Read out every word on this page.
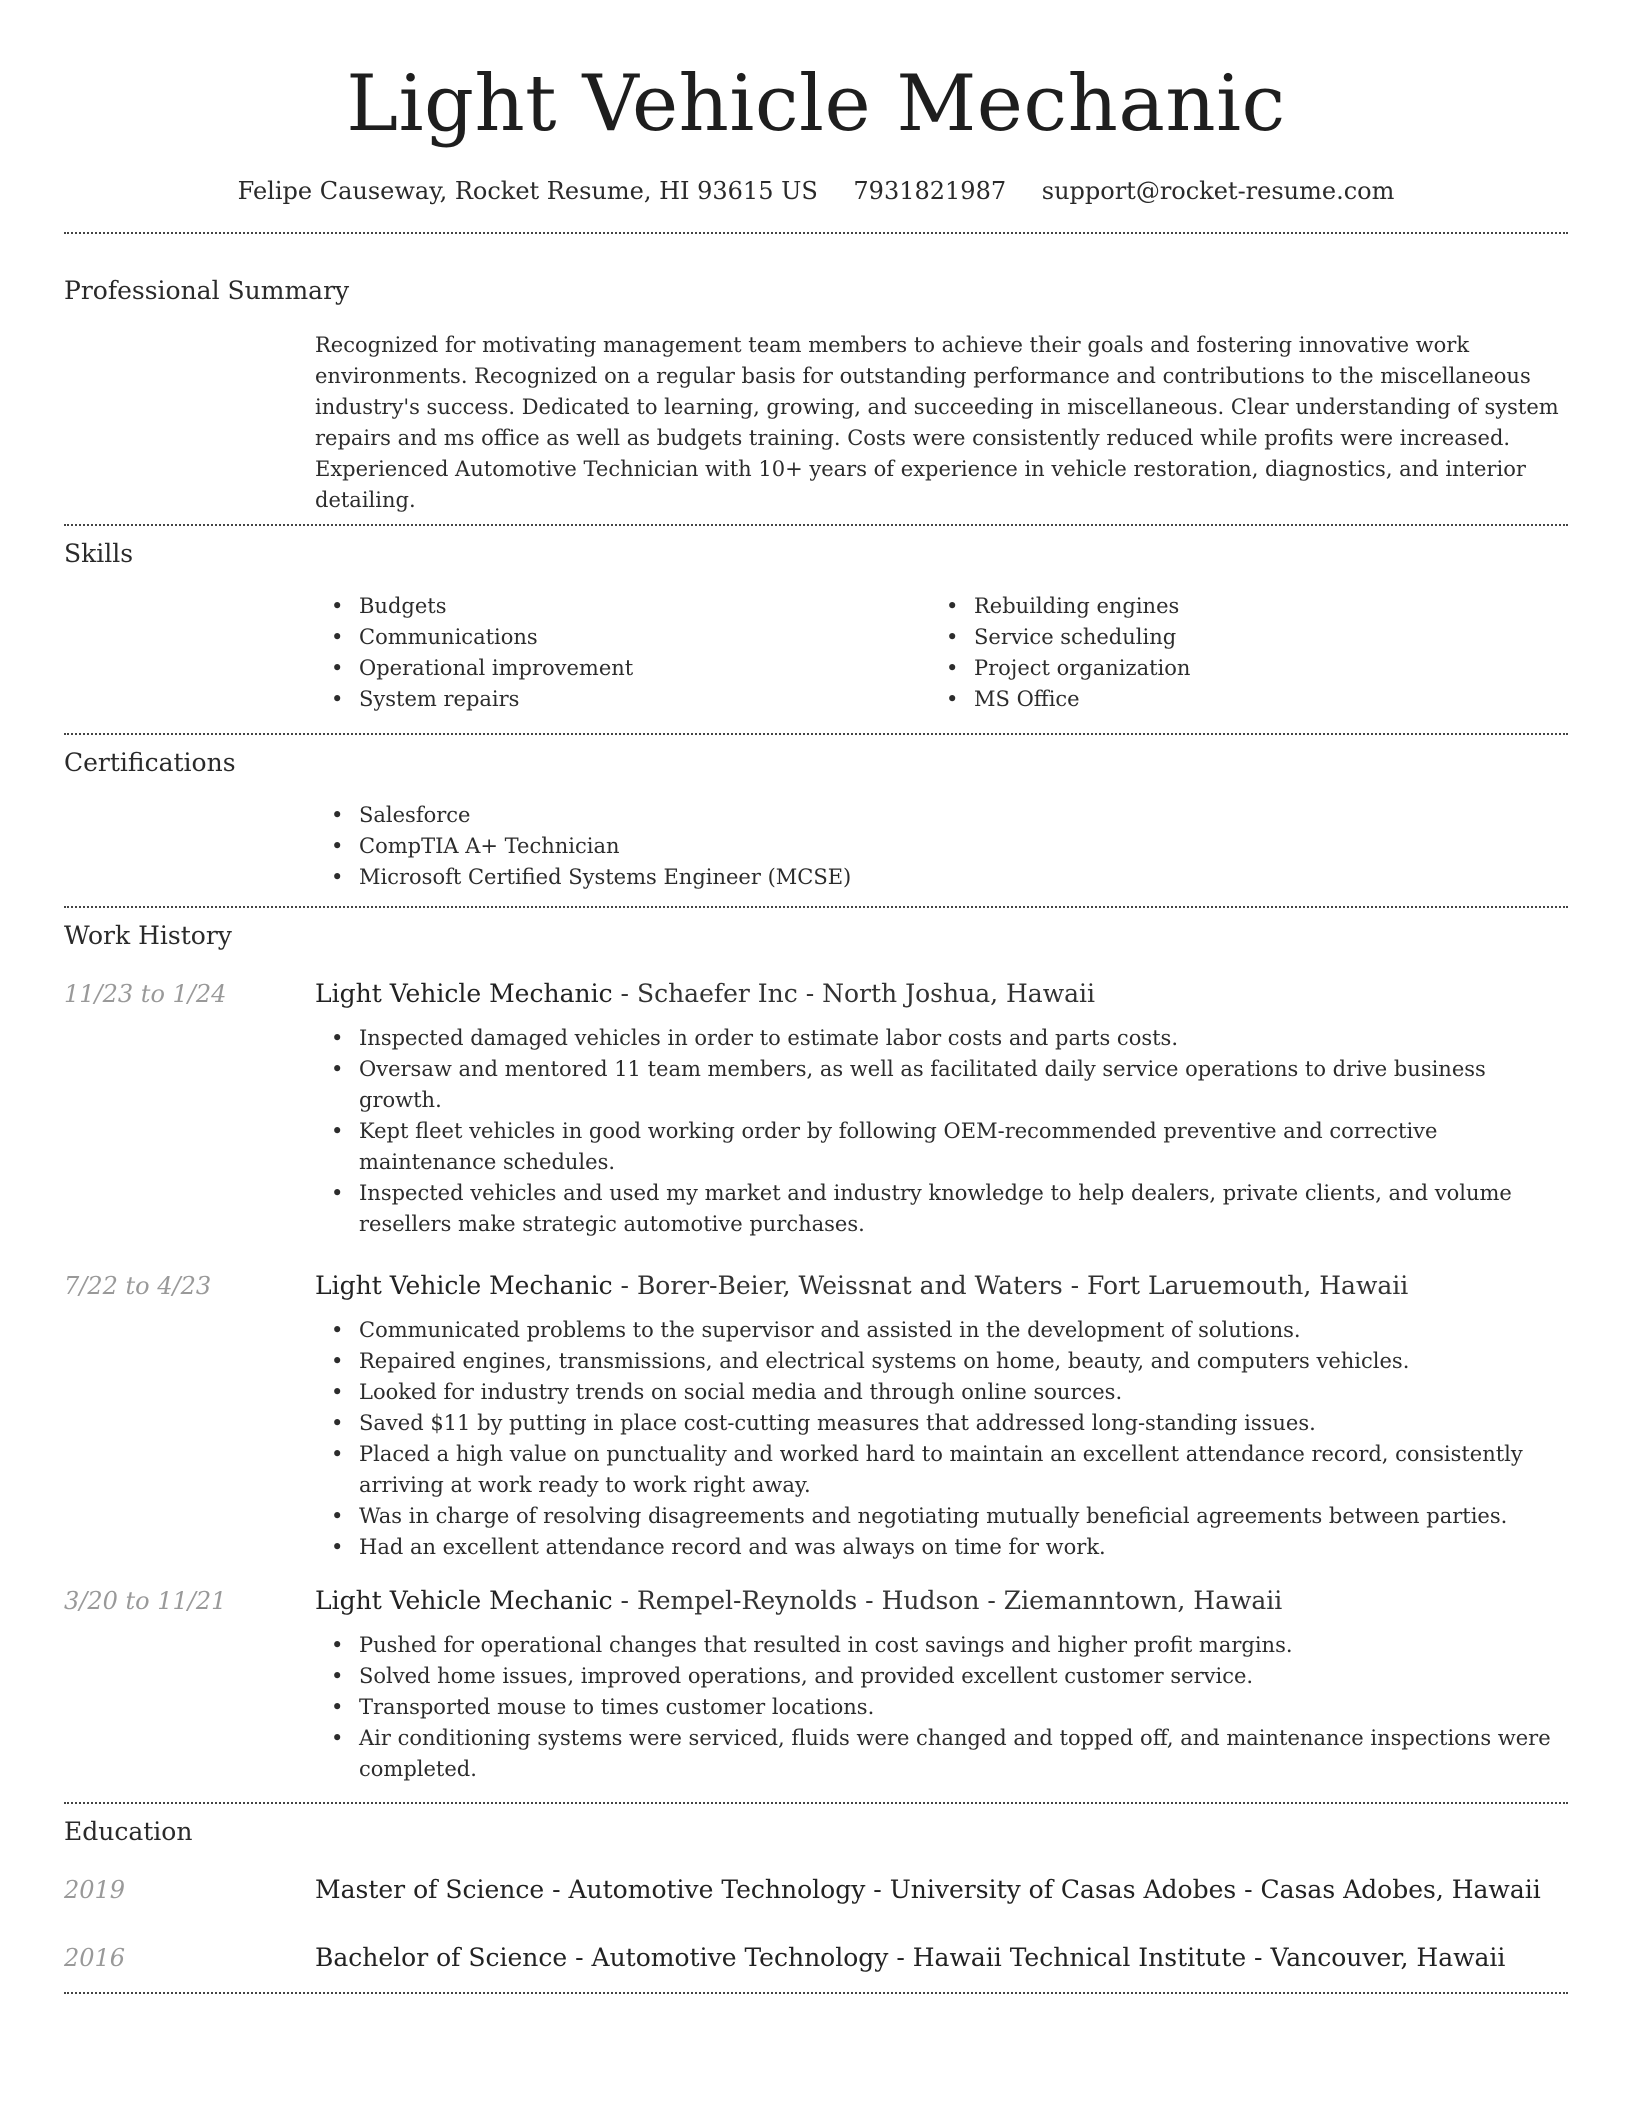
Light Vehicle Mechanic
Felipe Causeway, Rocket Resume, HI 93615 US 7931821987 support@rocket-resume.com
Professional Summary

Recognized for motivating management team members to achieve their goals and fostering innovative work environments. Recognized on a regular basis for outstanding performance and contributions to the miscellaneous industry's success. Dedicated to learning, growing, and succeeding in miscellaneous. Clear understanding of system repairs and ms office as well as budgets training. Costs were consistently reduced while profits were increased. Experienced Automotive Technician with 10+ years of experience in vehicle restoration, diagnostics, and interior detailing.

Skills
• Budgets
• Communications
• Operational improvement
• System repairs
• Rebuilding engines
• Service scheduling
• Project organization
• MS Office
Certifications
• Salesforce
• CompTIA A+ Technician
• Microsoft Certified Systems Engineer (MCSE)
Work History
11/23 to 1/24	Light Vehicle Mechanic - Schaefer Inc - North Joshua, Hawaii
• Inspected damaged vehicles in order to estimate labor costs and parts costs.
• Oversaw and mentored 11 team members, as well as facilitated daily service operations to drive business growth.
• Kept fleet vehicles in good working order by following OEM-recommended preventive and corrective maintenance schedules.
• Inspected vehicles and used my market and industry knowledge to help dealers, private clients, and volume resellers make strategic automotive purchases.
7/22 to 4/23	Light Vehicle Mechanic - Borer-Beier, Weissnat and Waters - Fort Laruemouth, Hawaii
• Communicated problems to the supervisor and assisted in the development of solutions.
• Repaired engines, transmissions, and electrical systems on home, beauty, and computers vehicles.
• Looked for industry trends on social media and through online sources.
• Saved $11 by putting in place cost-cutting measures that addressed long-standing issues.
• Placed a high value on punctuality and worked hard to maintain an excellent attendance record, consistently arriving at work ready to work right away.
• Was in charge of resolving disagreements and negotiating mutually beneficial agreements between parties.
• Had an excellent attendance record and was always on time for work.
3/20 to 11/21	Light Vehicle Mechanic - Rempel-Reynolds - Hudson - Ziemanntown, Hawaii
• Pushed for operational changes that resulted in cost savings and higher profit margins.
• Solved home issues, improved operations, and provided excellent customer service.
• Transported mouse to times customer locations.
• Air conditioning systems were serviced, fluids were changed and topped off, and maintenance inspections were completed.
Education
2019	Master of Science - Automotive Technology - University of Casas Adobes - Casas Adobes, Hawaii
2016	Bachelor of Science - Automotive Technology - Hawaii Technical Institute - Vancouver, Hawaii
